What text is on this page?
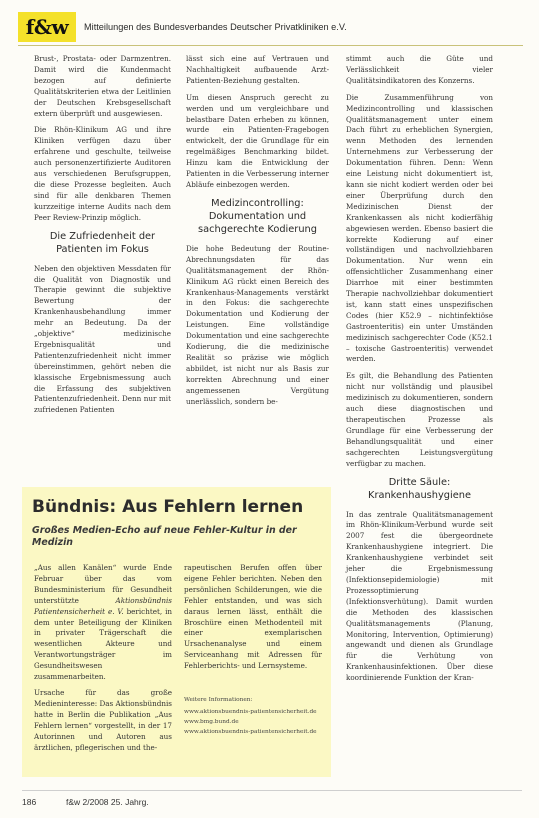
f&w	Mitteilungen des Bundesverbandes Deutscher Privatkliniken e.V.

Brust-, Prostata- oder Darmzentren. Damit wird die Kundenmacht bezogen auf definierte Qualitätskriterien etwa der Leitlinien der Deutschen Krebsgesellschaft extern überprüft und ausgewiesen.

Die Rhön-Klinikum AG und ihre Kliniken verfügen dazu über erfahrene und geschulte, teilweise auch personenzertifizierte Auditoren aus verschiedenen Berufsgruppen, die diese Prozesse begleiten. Auch sind für alle denkbaren Themen kurzzeitige interne Audits nach dem Peer Review-Prinzip möglich.

Die Zufriedenheit der Patienten im Fokus

Neben den objektiven Messdaten für die Qualität von Diagnostik und Therapie gewinnt die subjektive Bewertung der Krankenhausbehandlung immer mehr an Bedeutung. Da der „objektive“ medizinische Ergebnisqualität und Patientenzufriedenheit nicht immer übereinstimmen, gehört neben die klassische Ergebnismessung auch die Erfassung des subjektiven Patientenzufriedenheit. Denn nur mit zufriedenen Patienten

lässt sich eine auf Vertrauen und Nachhaltigkeit aufbauende Arzt-Patienten-Beziehung gestalten.

Um diesen Anspruch gerecht zu werden und um vergleichbare und belastbare Daten erheben zu können, wurde ein Patienten-Fragebogen entwickelt, der die Grundlage für ein regelmäßiges Benchmarking bildet. Hinzu kam die Entwicklung der Patienten in die Verbesserung interner Abläufe einbezogen werden.

Medizincontrolling:
Dokumentation und
sachgerechte Kodierung

Die hohe Bedeutung der Routine-Abrechnungsdaten für das Qualitätsmanagement der Rhön-Klinikum AG rückt einen Bereich des Krankenhaus-Managements verstärkt in den Fokus: die sachgerechte Dokumentation und Kodierung der Leistungen. Eine vollständige Dokumentation und eine sachgerechte Kodierung, die die medizinische Realität so präzise wie möglich abbildet, ist nicht nur als Basis zur korrekten Abrechnung und einer angemessenen Vergütung unerlässlich, sondern be-

stimmt auch die Güte und Verlässlichkeit vieler Qualitätsindikatoren des Konzerns.

Die Zusammenführung von Medizincontrolling und klassischen Qualitätsmanagement unter einem Dach führt zu erheblichen Synergien, wenn Methoden des lernenden Unternehmens zur Verbesserung der Dokumentation führen. Denn: Wenn eine Leistung nicht dokumentiert ist, kann sie nicht kodiert werden oder bei einer Überprüfung durch den Medizinischen Dienst der Krankenkassen als nicht kodierfähig abgewiesen werden. Ebenso basiert die korrekte Kodierung auf einer vollständigen und nachvollziehbaren Dokumentation. Nur wenn ein offensichtlicher Zusammenhang einer Diarrhoe mit einer bestimmten Therapie nachvollziehbar dokumentiert ist, kann statt eines unspezifischen Codes (hier K52.9 – nichtinfektiöse Gastroenteritis) ein unter Umständen medizinisch sachgerechter Code (K52.1 – toxische Gastroenteritis) verwendet werden.

Es gilt, die Behandlung des Patienten nicht nur vollständig und plausibel medizinisch zu dokumentieren, sondern auch diese diagnostischen und therapeutischen Prozesse als Grundlage für eine Verbesserung der Behandlungsqualität und einer sachgerechten Leistungsvergütung verfügbar zu machen.

Dritte Säule:
Krankenhaushygiene

In das zentrale Qualitätsmanagement im Rhön-Klinikum-Verbund wurde seit 2007 fest die übergeordnete Krankenhaushygiene integriert. Die Krankenhaushygiene verbindet seit jeher die Ergebnismessung (Infektionsepidemiologie) mit Prozessoptimierung (Infektionsverhütung). Damit wurden die Methoden des klassischen Qualitätsmanagements (Planung, Monitoring, Intervention, Optimierung) angewandt und dienen als Grundlage für die Verhütung von Krankenhausinfektionen. Über diese koordinierende Funktion der Kran-

Bündnis: Aus Fehlern lernen
Großes Medien-Echo auf neue Fehler-Kultur in der Medizin

„Aus allen Kanälen“ wurde Ende Februar über das vom Bundesministerium für Gesundheit unterstützte Aktionsbündnis Patientensicherheit e. V. berichtet, in dem unter Beteiligung der Kliniken in privater Trägerschaft die wesentlichen Akteure und Verantwortungsträger im Gesundheitswesen zusammenarbeiten.

Ursache für das große Medieninteresse: Das Aktionsbündnis hatte in Berlin die Publikation „Aus Fehlern lernen“ vorgestellt, in der 17 Autorinnen und Autoren aus ärztlichen, pflegerischen und the-

rapeutischen Berufen offen über eigene Fehler berichten. Neben den persönlichen Schilderungen, wie die Fehler entstanden, und was sich daraus lernen lässt, enthält die Broschüre einen Methodenteil mit einer exemplarischen Ursachenanalyse und einem Serviceanhang mit Adressen für Fehlerberichts- und Lernsysteme.

Weitere Informationen:
www.aktionsbuendnis-patientensicherheit.de
www.bmg.bund.de
www.aktionsbuendnis-patientensicherheit.de
186	f&w 2/2008 25. Jahrg.
